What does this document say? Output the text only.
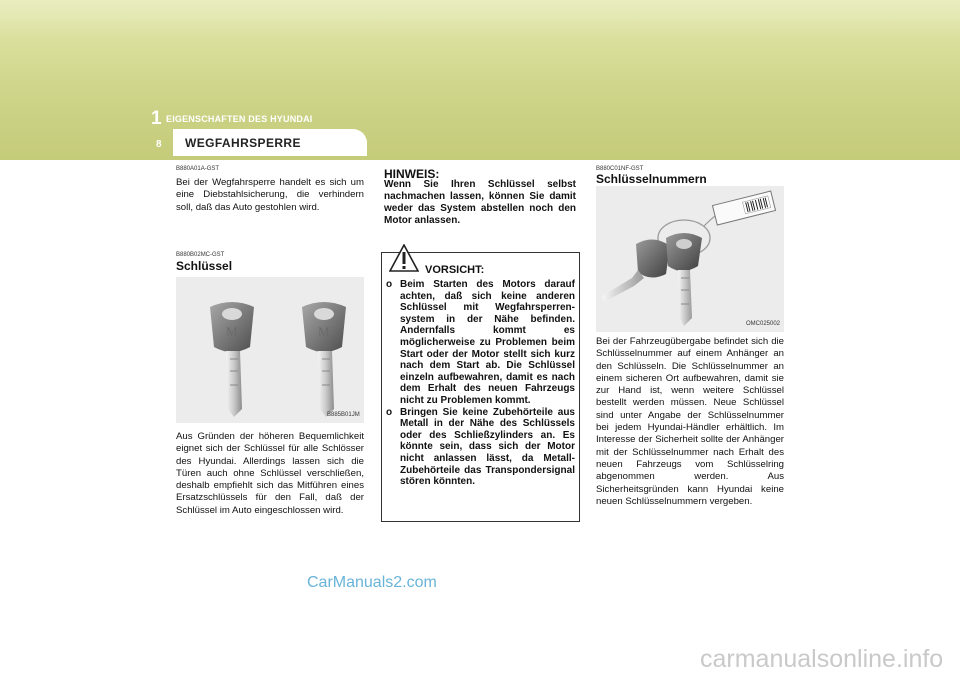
1 EIGENSCHAFTEN DES HYUNDAI
8 WEGFAHRSPERRE
B880A01A-GST
Bei der Wegfahrsperre handelt es sich um eine Diebstahlsicherung, die verhindern soll, daß das Auto gestohlen wird.
B880B02MC-GST
Schlüssel
M	M
B885B01JM
Aus Gründen der höheren Bequemlichkeit eignet sich der Schlüssel für alle Schlösser des Hyundai. Allerdings lassen sich die Türen auch ohne Schlüssel verschließen, deshalb empfiehlt sich das Mitführen eines Ersatzschlüssels für den Fall, daß der Schlüssel im Auto eingeschlossen wird.
HINWEIS:
Wenn Sie Ihren Schlüssel selbst nachmachen lassen, können Sie damit weder das System abstellen noch den Motor anlassen.
VORSICHT:
o Beim Starten des Motors darauf achten, daß sich keine anderen Schlüssel mit Wegfahrsperren-system in der Nähe befinden. Andernfalls kommt es möglicherweise zu Problemen beim Start oder der Motor stellt sich kurz nach dem Start ab. Die Schlüssel einzeln aufbewahren, damit es nach dem Erhalt des neuen Fahrzeugs nicht zu Problemen kommt.
o Bringen Sie keine Zubehörteile aus Metall in der Nähe des Schlüssels oder des Schließzylinders an. Es könnte sein, dass sich der Motor nicht anlassen lässt, da Metall-Zubehörteile das Transpondersignal stören könnten.
B880C01NF-GST
Schlüsselnummern
OMC025002
Bei der Fahrzeugübergabe befindet sich die Schlüsselnummer auf einem Anhänger an den Schlüsseln. Die Schlüsselnummer an einem sicheren Ort aufbewahren, damit sie zur Hand ist, wenn weitere Schlüssel bestellt werden müssen. Neue Schlüssel sind unter Angabe der Schlüsselnummer bei jedem Hyundai-Händler erhältlich. Im Interesse der Sicherheit sollte der Anhänger mit der Schlüsselnummer nach Erhalt des neuen Fahrzeugs vom Schlüsselring abgenommen werden. Aus Sicherheitsgründen kann Hyundai keine neuen Schlüsselnummern vergeben.
CarManuals2.com
carmanualsonline.info
